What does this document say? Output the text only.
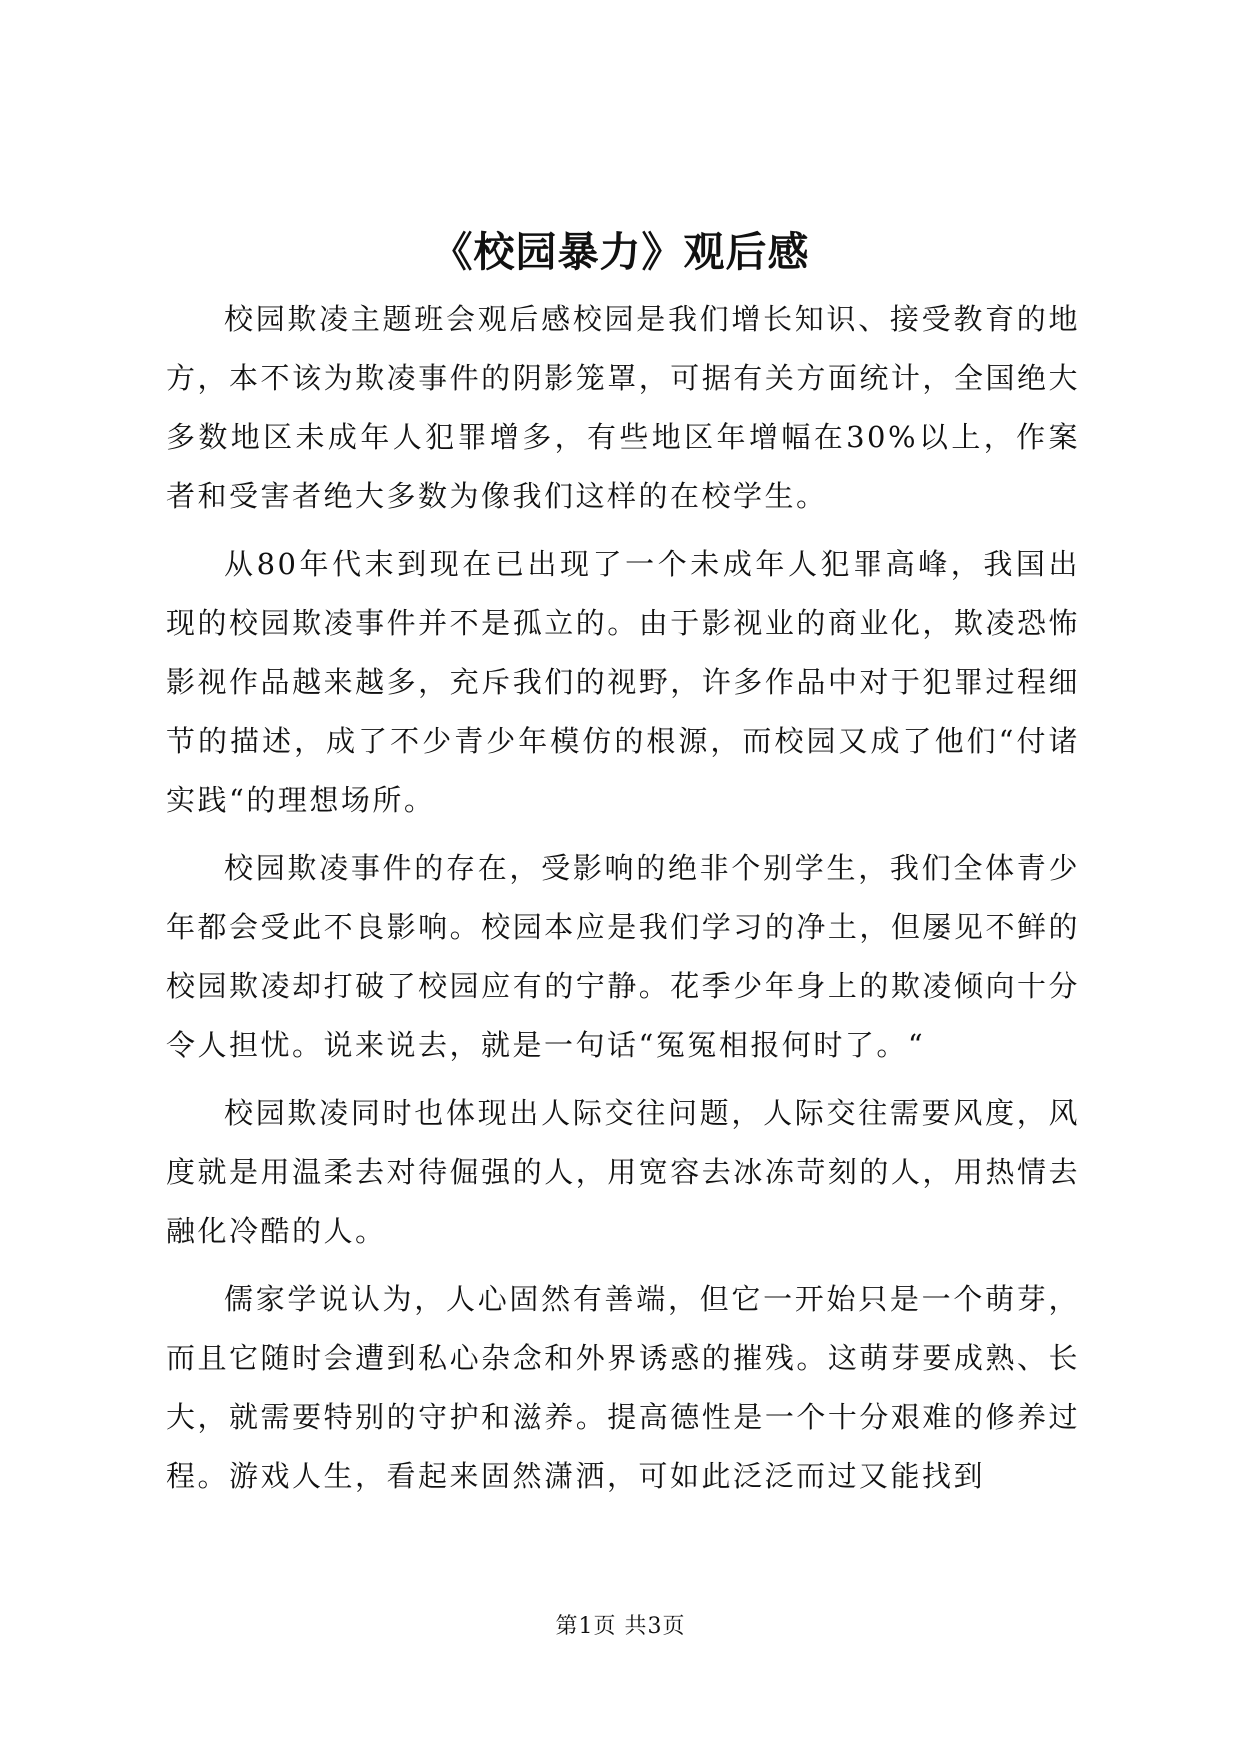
《校园暴力》观后感

校园欺凌主题班会观后感校园是我们增长知识、接受教育的地方，本不该为欺凌事件的阴影笼罩，可据有关方面统计，全国绝大多数地区未成年人犯罪增多，有些地区年增幅在30%以上，作案者和受害者绝大多数为像我们这样的在校学生。

从80年代末到现在已出现了一个未成年人犯罪高峰，我国出现的校园欺凌事件并不是孤立的。由于影视业的商业化，欺凌恐怖影视作品越来越多，充斥我们的视野，许多作品中对于犯罪过程细节的描述，成了不少青少年模仿的根源，而校园又成了他们“付诸实践“的理想场所。

校园欺凌事件的存在，受影响的绝非个别学生，我们全体青少年都会受此不良影响。校园本应是我们学习的净土，但屡见不鲜的校园欺凌却打破了校园应有的宁静。花季少年身上的欺凌倾向十分令人担忧。说来说去，就是一句话“冤冤相报何时了。“

校园欺凌同时也体现出人际交往问题，人际交往需要风度，风度就是用温柔去对待倔强的人，用宽容去冰冻苛刻的人，用热情去融化冷酷的人。

儒家学说认为，人心固然有善端，但它一开始只是一个萌芽，而且它随时会遭到私心杂念和外界诱惑的摧残。这萌芽要成熟、长大，就需要特别的守护和滋养。提高德性是一个十分艰难的修养过程。游戏人生，看起来固然潇洒，可如此泛泛而过又能找到

第1页 共3页
